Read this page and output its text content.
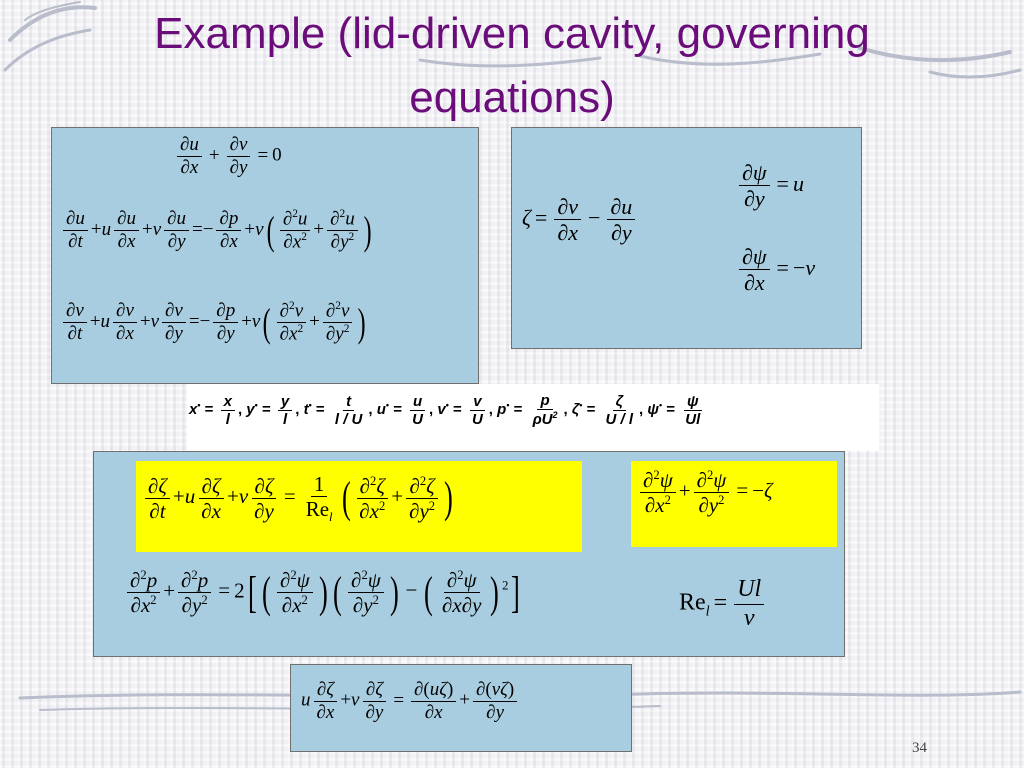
Example (lid-driven cavity, governing
equations)
$\frac{\partial u}{\partial x} + \frac{\partial v}{\partial y} = 0$
$\frac{\partial u}{\partial t} +u \frac{\partial u}{\partial x} +v \frac{\partial u}{\partial y} =- \frac{\partial p}{\partial x} +\nu( \frac{\partial^2u}{\partial x^2} + \frac{\partial^2u}{\partial y^2}$ )
$\frac{\partial v}{\partial t} +u \frac{\partial v}{\partial x} +v \frac{\partial v}{\partial y} =- \frac{\partial p}{\partial y} +\nu( \frac{\partial^2v}{\partial x^2} + \frac{\partial^2v}{\partial y^2}$ )
$\zeta = \frac{\partial v}{\partial x} - \frac{\partial u}{\partial y}$
$\frac{\partial\psi}{\partial y} = u$
$\frac{\partial\psi}{\partial x} = -v$
$x^• = \frac{x}{l}$ , $y^• = \frac{y}{l}$ , $t^• = \frac{t}{l / U}$ , $u^• = \frac{u}{U}$ , $v^• = \frac{v}{U}$ , $p^• = \frac{p}{\rho U^2}$ , $\zeta^• = \frac{\zeta}{U / l}$ , $\psi^• = \frac{\psi}{Ul}$
$\frac{\partial\zeta}{\partial t} +u \frac{\partial\zeta}{\partial x} +v \frac{\partial\zeta}{\partial y}$ =
1
$Re_l$ ( $\frac{\partial^2\zeta}{\partial x^2} + \frac{\partial^2\zeta}{\partial y^2}$ )	$\frac{\partial^2\psi}{\partial x^2} + \frac{\partial^2\psi}{\partial y^2} = -\zeta$
$\frac{\partial^2p}{\partial x^2} + \frac{\partial^2p}{\partial y^2} = 2$[ ( $\frac{\partial^2\psi}{\partial x^2}$ ) ( $\frac{\partial^2\psi}{\partial y^2}$ ) − ( $\frac{\partial^2\psi}{\partial x\partial y}$ ) $^2$]	$Re_l = \frac{Ul}{\nu}$
u $\frac{\partial\zeta}{\partial x} +v \frac{\partial\zeta}{\partial y} = \frac{\partial(u\zeta)}{\partial x} + \frac{\partial(v\zeta)}{\partial y}$
34
